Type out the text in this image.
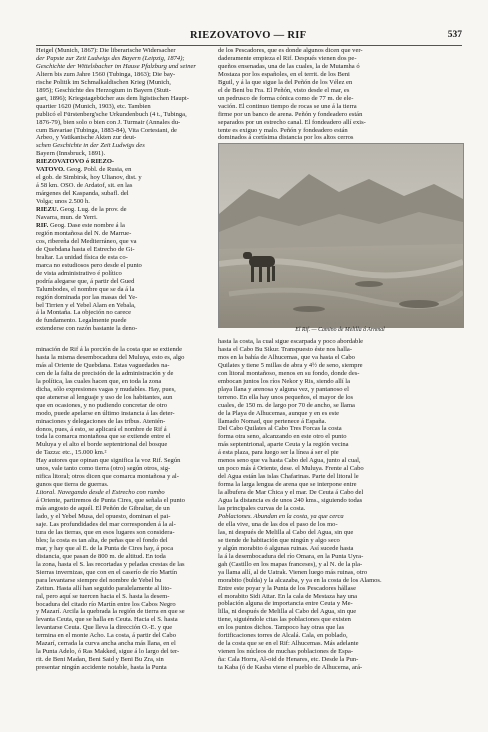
RIEZOVATOVO — RIF	537
Heigel (Munich, 1867): Die liberarische Widersacher
der Papste zur Zeit Ludwigs des Bayern (Leipzig, 1874);
Geschichte der Wittelsbacher im Hause Pfalzburg und seiner
Altern bis zum Jahre 1560 (Tubinga, 1863); Die bay-
rische Politik im Schmalkaldischen Krieg (Munich,
1895); Geschichte des Herzogtum in Bayern (Stutt-
gart, 1896); Kriegstagebücher aus dem ligistischen Haupt-
quartier 1620 (Munich, 1903), etc. Tambien
publicó el Fürstenberg'sche Urkundenbuch (4 t., Tubinga,
1876-79), bien solo o bien con J. Turmair (Annales du-
cum Bavariae (Tubinga, 1883-84), Vita Cortesiani, de
Arbeo, y Vatikanische Akten zur deut-
schen Geschichte in der Zeit Ludwigs des
Bayern (Innsbruck, 1891).
RIEZOVATOVO ó RIEZO-
VATOVO. Geog. Pobl. de Rusia, en
el gob. de Simbirsk, hoy Ulianov, dist. y
á 58 km. OSO. de Ardatof, sit. en las
márgenes del Kaspanda, subafl. del
Volga; unos 2.500 h.
RIEZU. Geog. Lug. de la prov. de
Navarra, mun. de Yerri.
RIF. Geog. Dase este nombre á la
región montañosa del N. de Marrue-
cos, ribereña del Mediterráneo, que va
de Quebdana hasta el Estrecho de Gi-
braltar. La unidad física de esta co-
marca no estudiosos pero desde el punto
de vista administrativo é político
podría alegarse que, á partir del Gued
Talumbodes, el nombre que se da á la
región dominada por las masas del Ye-
bel Tirrien y el Yebel Alam en Yebala,
á la Montaña. La objeción no carece
de fundamento. Legalmente puede
extenderse con razón bastante la deno-
de los Pescadores, que es donde algunos dicen que ver-
daderamente empieza el Rif. Después vienen dos pe-
queños ensenadas, una de las cuales, la de Mutamha ó
Mostaza por los españoles, en el territ. de los Beni
Bguil, y á la que sigue la del Peñón de los Vélez en
el de Beni bu Fra. El Peñón, visto desde el mar, es
un pedrusco de forma cónica como de 77 m. de ele-
vación. El continuo tiempo de rocas se une á la tierra
firme por un banco de arena. Peñón y fondeadero están
separados por un estrecho canal. El fondeadero allí exis-
tente es exiguo y malo. Peñón y fondeadero están
dominados á cortísima distancia por los altos cerros
El Rif. — Camino de Melilla á Arnmal
minación de Rif á la porción de la costa que se extiende
hasta la misma desembocadura del Muluya, esto es, algo
más al Oriente de Quebdana. Estas vaguedades na-
cen de la falta de precisión de la administración y de
la política, las cuales hacen que, en toda la zona
dicha, sólo expresiones vagas y mudables. Hay, pues,
que atenerse al lenguaje y uso de los habitantes, aun
que en ocasiones, y no pudiendo concretar de otro
modo, puede apelarse en último instancia á las deter-
minaciones y delegaciones de las tribus. Atenién-
donos, pues, á esto, se aplicará el nombre de Rif á
toda la comarca montañosa que se extiende entre el
Muluya y el alto el borde septentrional del bosque
de Tazza: etc., 15.000 km.²
Hay autores que opinan que significa la voz Rif. Según
unos, vale tanto como tierra (otro) según otros, sig-
nifica litoral; otros dicen que comarca montañosa y al-
gunos que tierra de guerras.
Litoral. Navegando desde el Estrecho con rumbo
á Oriente, partiremos de Punta Cires, que señala el punto
más angosto de aquél. El Peñón de Gibraltar, de un
lado, y el Yebel Musa, del opuesto, dominan el pai-
saje. Las profundidades del mar corresponden á la al-
tura de las tierras, que en esos lugares son considera-
bles; la costa es tan alta, de peñas que el fondo del
mar, y hay que al E. de la Punta de Cires hay, á poca
distancia, que pasan de 800 m. de altitud. En toda
la zona, hasta el S. las recortadas y peladas crestas de las
Sierras invernizas, que con en el caserío de río Martín
para levantarse siempre del nombre de Yebel bu
Zeitun. Hasta allí han seguido paralelamente al lito-
ral, pero aquí se tuercen hacia el S. hasta la desem-
bocadura del citado río Martín entre los Cabos Negro
y Mazarí. Arcila la quebrada la región de tierra en que se
levanta Ceuta, que se halla en Ceuta. Hacia el S. hasta
levantarse Ceuta. Que lleva la dirección O.-E. y que
termina en el monte Acho. La costa, á partir del Cabo
Mazarí, cerrada la curva ancha ancha más llana, en el
la Punta Adelo, ó Ras Makked, sigue á lo largo del ter-
rit. de Beni Madan, Beni Said y Beni Bu Zra, sin
presentar ningún accidente notable, hasta la Punta
hasta la costa, la cual sigue escarpada y poco abordable
hasta el Cabo Bu Sikur. Transpuesto éste nos halla-
mos en la bahía de Alhucemas, que va hasta el Cabo
Quilates y tiene 5 millas de abra y 4½ de seno, siempre
con litoral montañoso, menos en su fondo, donde des-
embocan juntos los ríos Nekor y Ris, siendo allí la
playa llana y arenosa y alguna vez, y pantanoso el
terreno. En ella hay unos pequeños, el mayor de los
cuales, de 150 m. de largo por 70 de ancho, se llama
de la Playa de Alhucemas, aunque y en es este
llamado Nomad, que pertenece á España.
Del Cabo Quilates al Cabo Tres Forcas la costa
forma otra seno, alcanzando en este otro el punto
más septentrional, aparte Ceuta y la región vecina
á esta plaza, para luego ser la línea á ser el pie
menos seno que va hasta Cabo del Agua, junto al cual,
un poco más á Oriente, dese. el Muluya. Frente al Cabo
del Agua están las islas Chafarinas. Parte del litoral le
forma la larga lengua de arena que se interpone entre
la albufera de Mar Chica y el mar. De Ceuta á Cabo del
Agua la distancia es de unos 240 kms., siguiendo todas
las principales curvas de la costa.
Poblaciones. Abundan en la costa, ya que cerca
de ella vive, una de las dos el paso de los mo-
las, ni después de Melilla al Cabo del Agua, sin que
se tiende de habitación que ningún y algo seco
y algún morabito ó algunas ruinas. Así sucede hasta
la á la desembocadura del río Omara, en la Punta Uyra-
gah (Castillo en los mapas franceses), y al N. de la pla-
ya llama allí, al de Uatrak. Vienen luego más ruinas, otro
morabito (bulda) y la alcazaba, y ya en la costa de los Alamos.
Entre este poyar y la Punta de los Pescadores hállase
el morabito Sidi Attar. En la cala de Mestaza hay una
población alguna de importancia entre Ceuta y Me-
lilla, ni después de Melilla al Cabo del Agua, sin que
tiene, siguiéndole citas las poblaciones que existen
en los puntos dichos. Tampoco hay otras que las
fortificaciones torres de Alcalá. Cala, en poblado,
de la costa que se en el Rif: Alhucemas. Más adelante
vienen los núcleos de muchas poblaciones de Espa-
ña: Cala Horra, Al-oid de Henares, etc. Desde la Pun-
ta Kaba (ó de Kasba viene el pueblo de Alhucema, ará-
